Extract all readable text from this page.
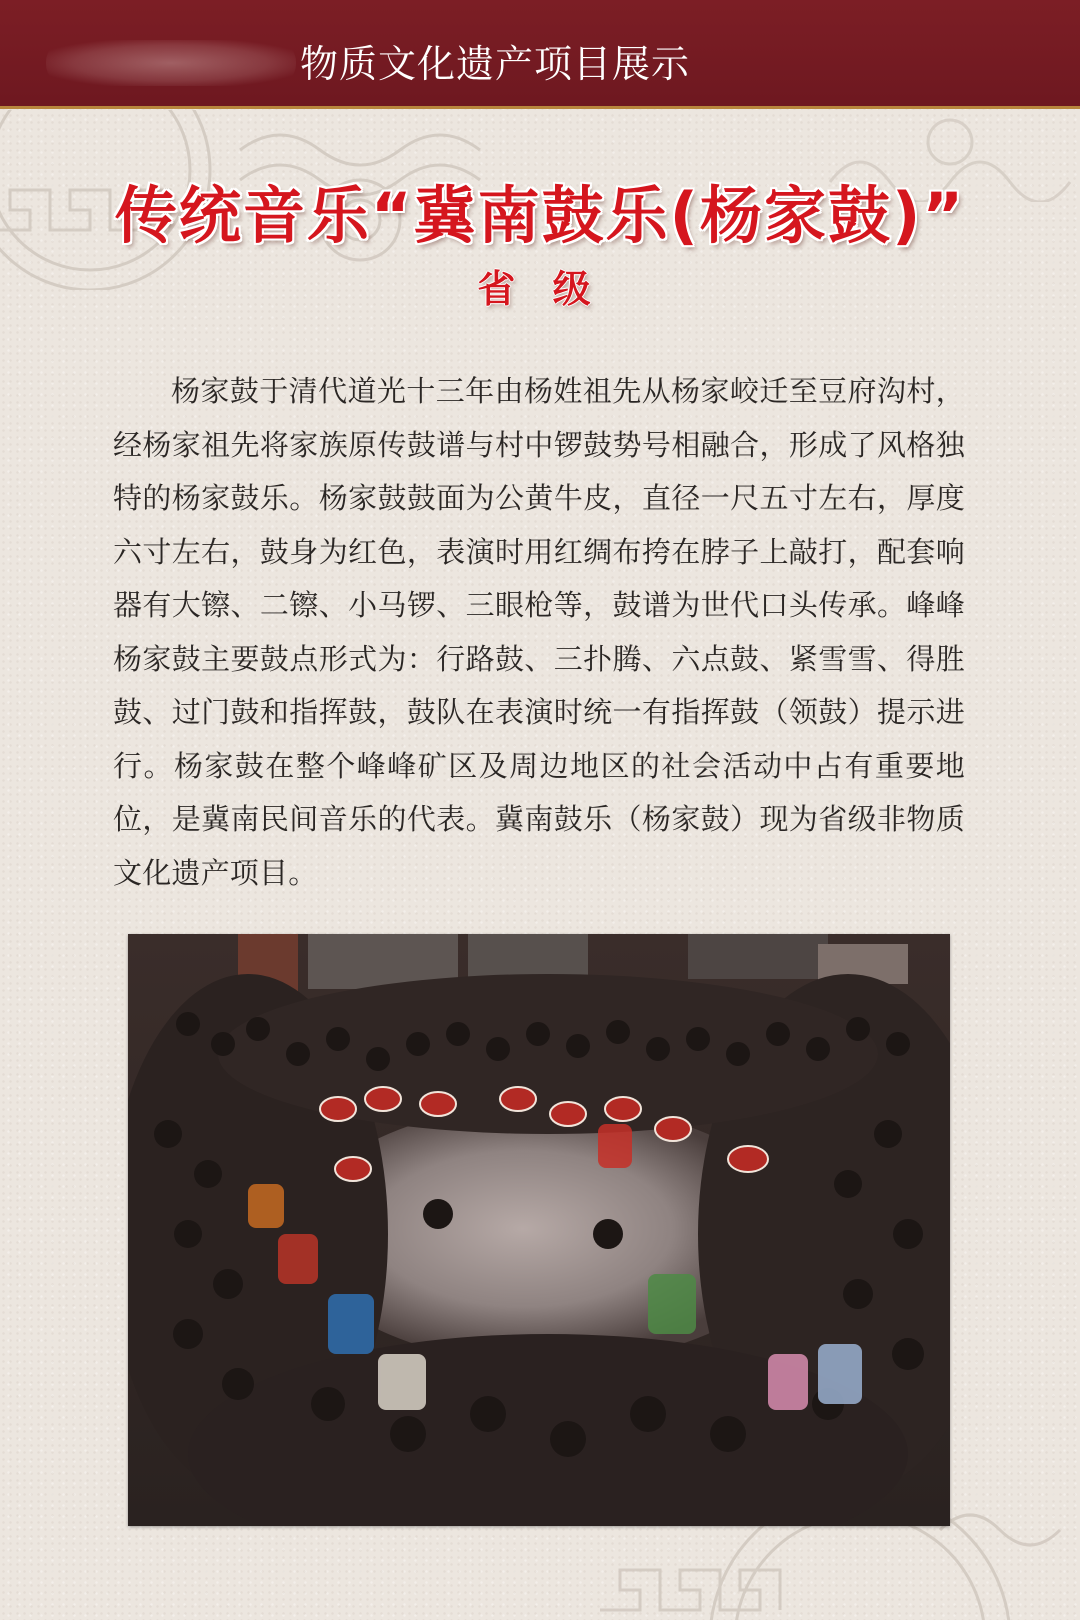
物质文化遗产项目展示
传统音乐“冀南鼓乐(杨家鼓)”
省 级

杨家鼓于清代道光十三年由杨姓祖先从杨家峧迁至豆府沟村，经杨家祖先将家族原传鼓谱与村中锣鼓势号相融合，形成了风格独特的杨家鼓乐。杨家鼓鼓面为公黄牛皮，直径一尺五寸左右，厚度六寸左右，鼓身为红色，表演时用红绸布挎在脖子上敲打，配套响器有大镲、二镲、小马锣、三眼枪等，鼓谱为世代口头传承。峰峰杨家鼓主要鼓点形式为：行路鼓、三扑腾、六点鼓、紧雪雪、得胜鼓、过门鼓和指挥鼓，鼓队在表演时统一有指挥鼓（领鼓）提示进行。杨家鼓在整个峰峰矿区及周边地区的社会活动中占有重要地位，是冀南民间音乐的代表。冀南鼓乐（杨家鼓）现为省级非物质文化遗产项目。
